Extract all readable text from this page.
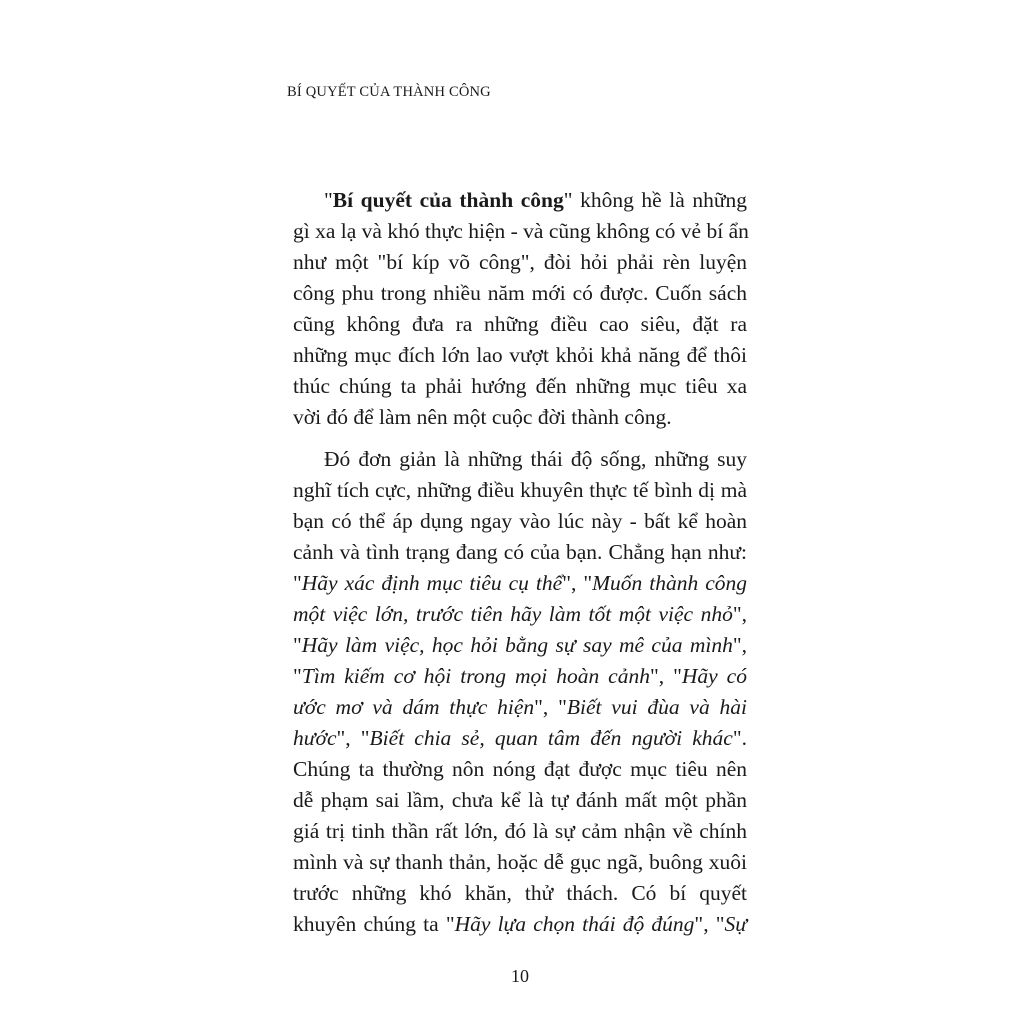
BÍ QUYẾT CỦA THÀNH CÔNG
"Bí quyết của thành công" không hề là những
gì xa lạ và khó thực hiện - và cũng không có vẻ bí ẩn
như một "bí kíp võ công", đòi hỏi phải rèn luyện
công phu trong nhiều năm mới có được. Cuốn sách
cũng không đưa ra những điều cao siêu, đặt ra
những mục đích lớn lao vượt khỏi khả năng để thôi
thúc chúng ta phải hướng đến những mục tiêu xa
vời đó để làm nên một cuộc đời thành công.
Đó đơn giản là những thái độ sống, những suy
nghĩ tích cực, những điều khuyên thực tế bình dị mà
bạn có thể áp dụng ngay vào lúc này - bất kể hoàn
cảnh và tình trạng đang có của bạn. Chẳng hạn như:
"Hãy xác định mục tiêu cụ thể", "Muốn thành công
một việc lớn, trước tiên hãy làm tốt một việc nhỏ",
"Hãy làm việc, học hỏi bằng sự say mê của mình",
"Tìm kiếm cơ hội trong mọi hoàn cảnh", "Hãy có
ước mơ và dám thực hiện", "Biết vui đùa và hài
hước", "Biết chia sẻ, quan tâm đến người khác".
Chúng ta thường nôn nóng đạt được mục tiêu nên
dễ phạm sai lầm, chưa kể là tự đánh mất một phần
giá trị tinh thần rất lớn, đó là sự cảm nhận về chính
mình và sự thanh thản, hoặc dễ gục ngã, buông xuôi
trước những khó khăn, thử thách. Có bí quyết
khuyên chúng ta "Hãy lựa chọn thái độ đúng", "Sự
10
